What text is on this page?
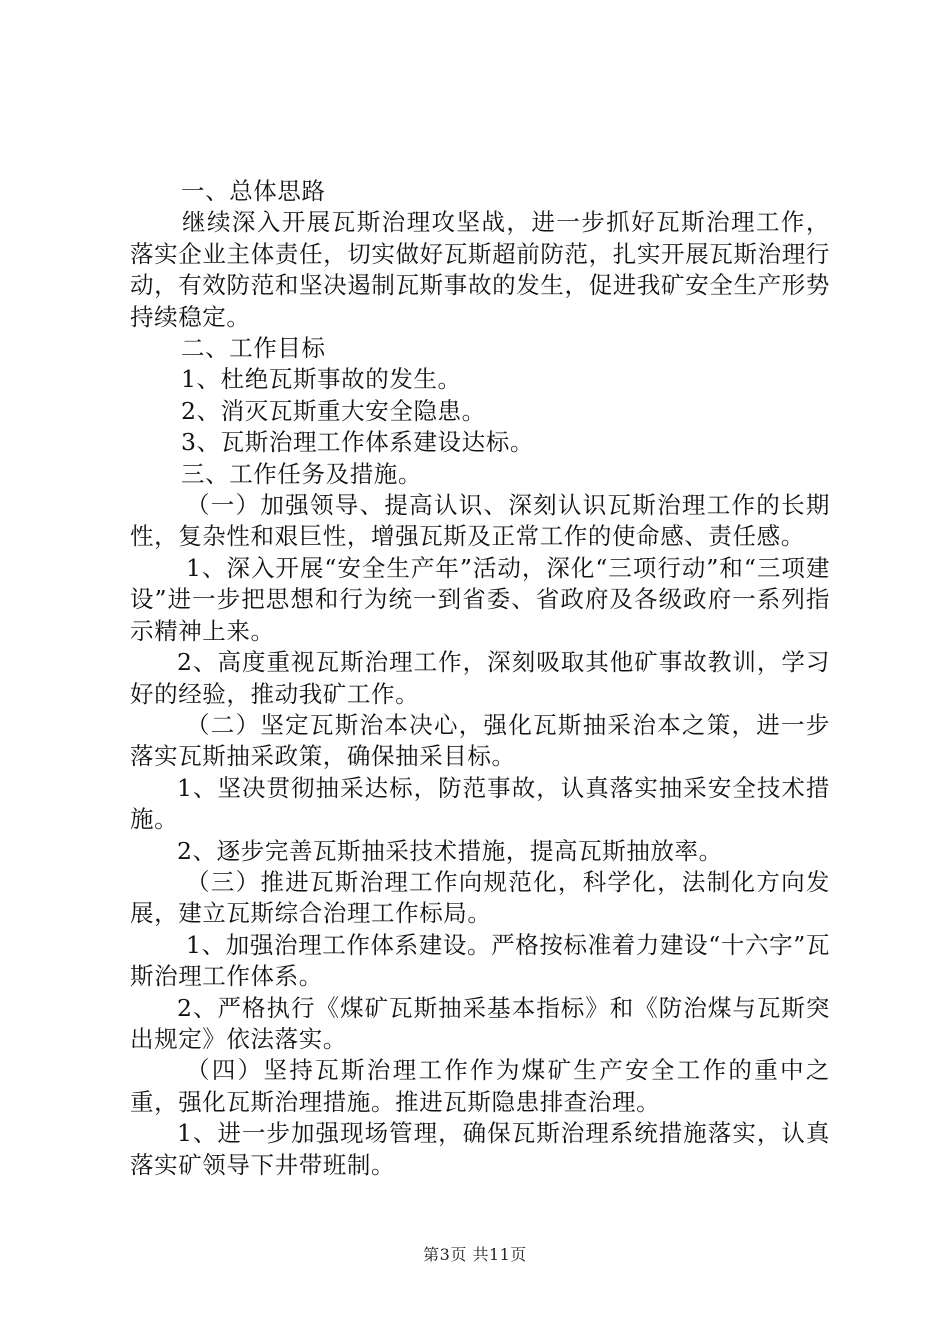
一、总体思路

继续深入开展瓦斯治理攻坚战，进一步抓好瓦斯治理工作，落实企业主体责任，切实做好瓦斯超前防范，扎实开展瓦斯治理行动，有效防范和坚决遏制瓦斯事故的发生，促进我矿安全生产形势持续稳定。

二、工作目标

1、杜绝瓦斯事故的发生。

2、消灭瓦斯重大安全隐患。

3、瓦斯治理工作体系建设达标。

三、工作任务及措施。

（一）加强领导、提高认识、深刻认识瓦斯治理工作的长期性，复杂性和艰巨性，增强瓦斯及正常工作的使命感、责任感。

1、深入开展“安全生产年”活动，深化“三项行动”和“三项建设”进一步把思想和行为统一到省委、省政府及各级政府一系列指示精神上来。

2、高度重视瓦斯治理工作，深刻吸取其他矿事故教训，学习好的经验，推动我矿工作。

（二）坚定瓦斯治本决心，强化瓦斯抽采治本之策，进一步落实瓦斯抽采政策，确保抽采目标。

1、坚决贯彻抽采达标，防范事故，认真落实抽采安全技术措施。

2、逐步完善瓦斯抽采技术措施，提高瓦斯抽放率。

（三）推进瓦斯治理工作向规范化，科学化，法制化方向发展，建立瓦斯综合治理工作标局。

1、加强治理工作体系建设。严格按标准着力建设“十六字”瓦斯治理工作体系。

2、严格执行《煤矿瓦斯抽采基本指标》和《防治煤与瓦斯突出规定》依法落实。

（四）坚持瓦斯治理工作作为煤矿生产安全工作的重中之重，强化瓦斯治理措施。推进瓦斯隐患排查治理。

1、进一步加强现场管理，确保瓦斯治理系统措施落实，认真落实矿领导下井带班制。

第3页 共11页
